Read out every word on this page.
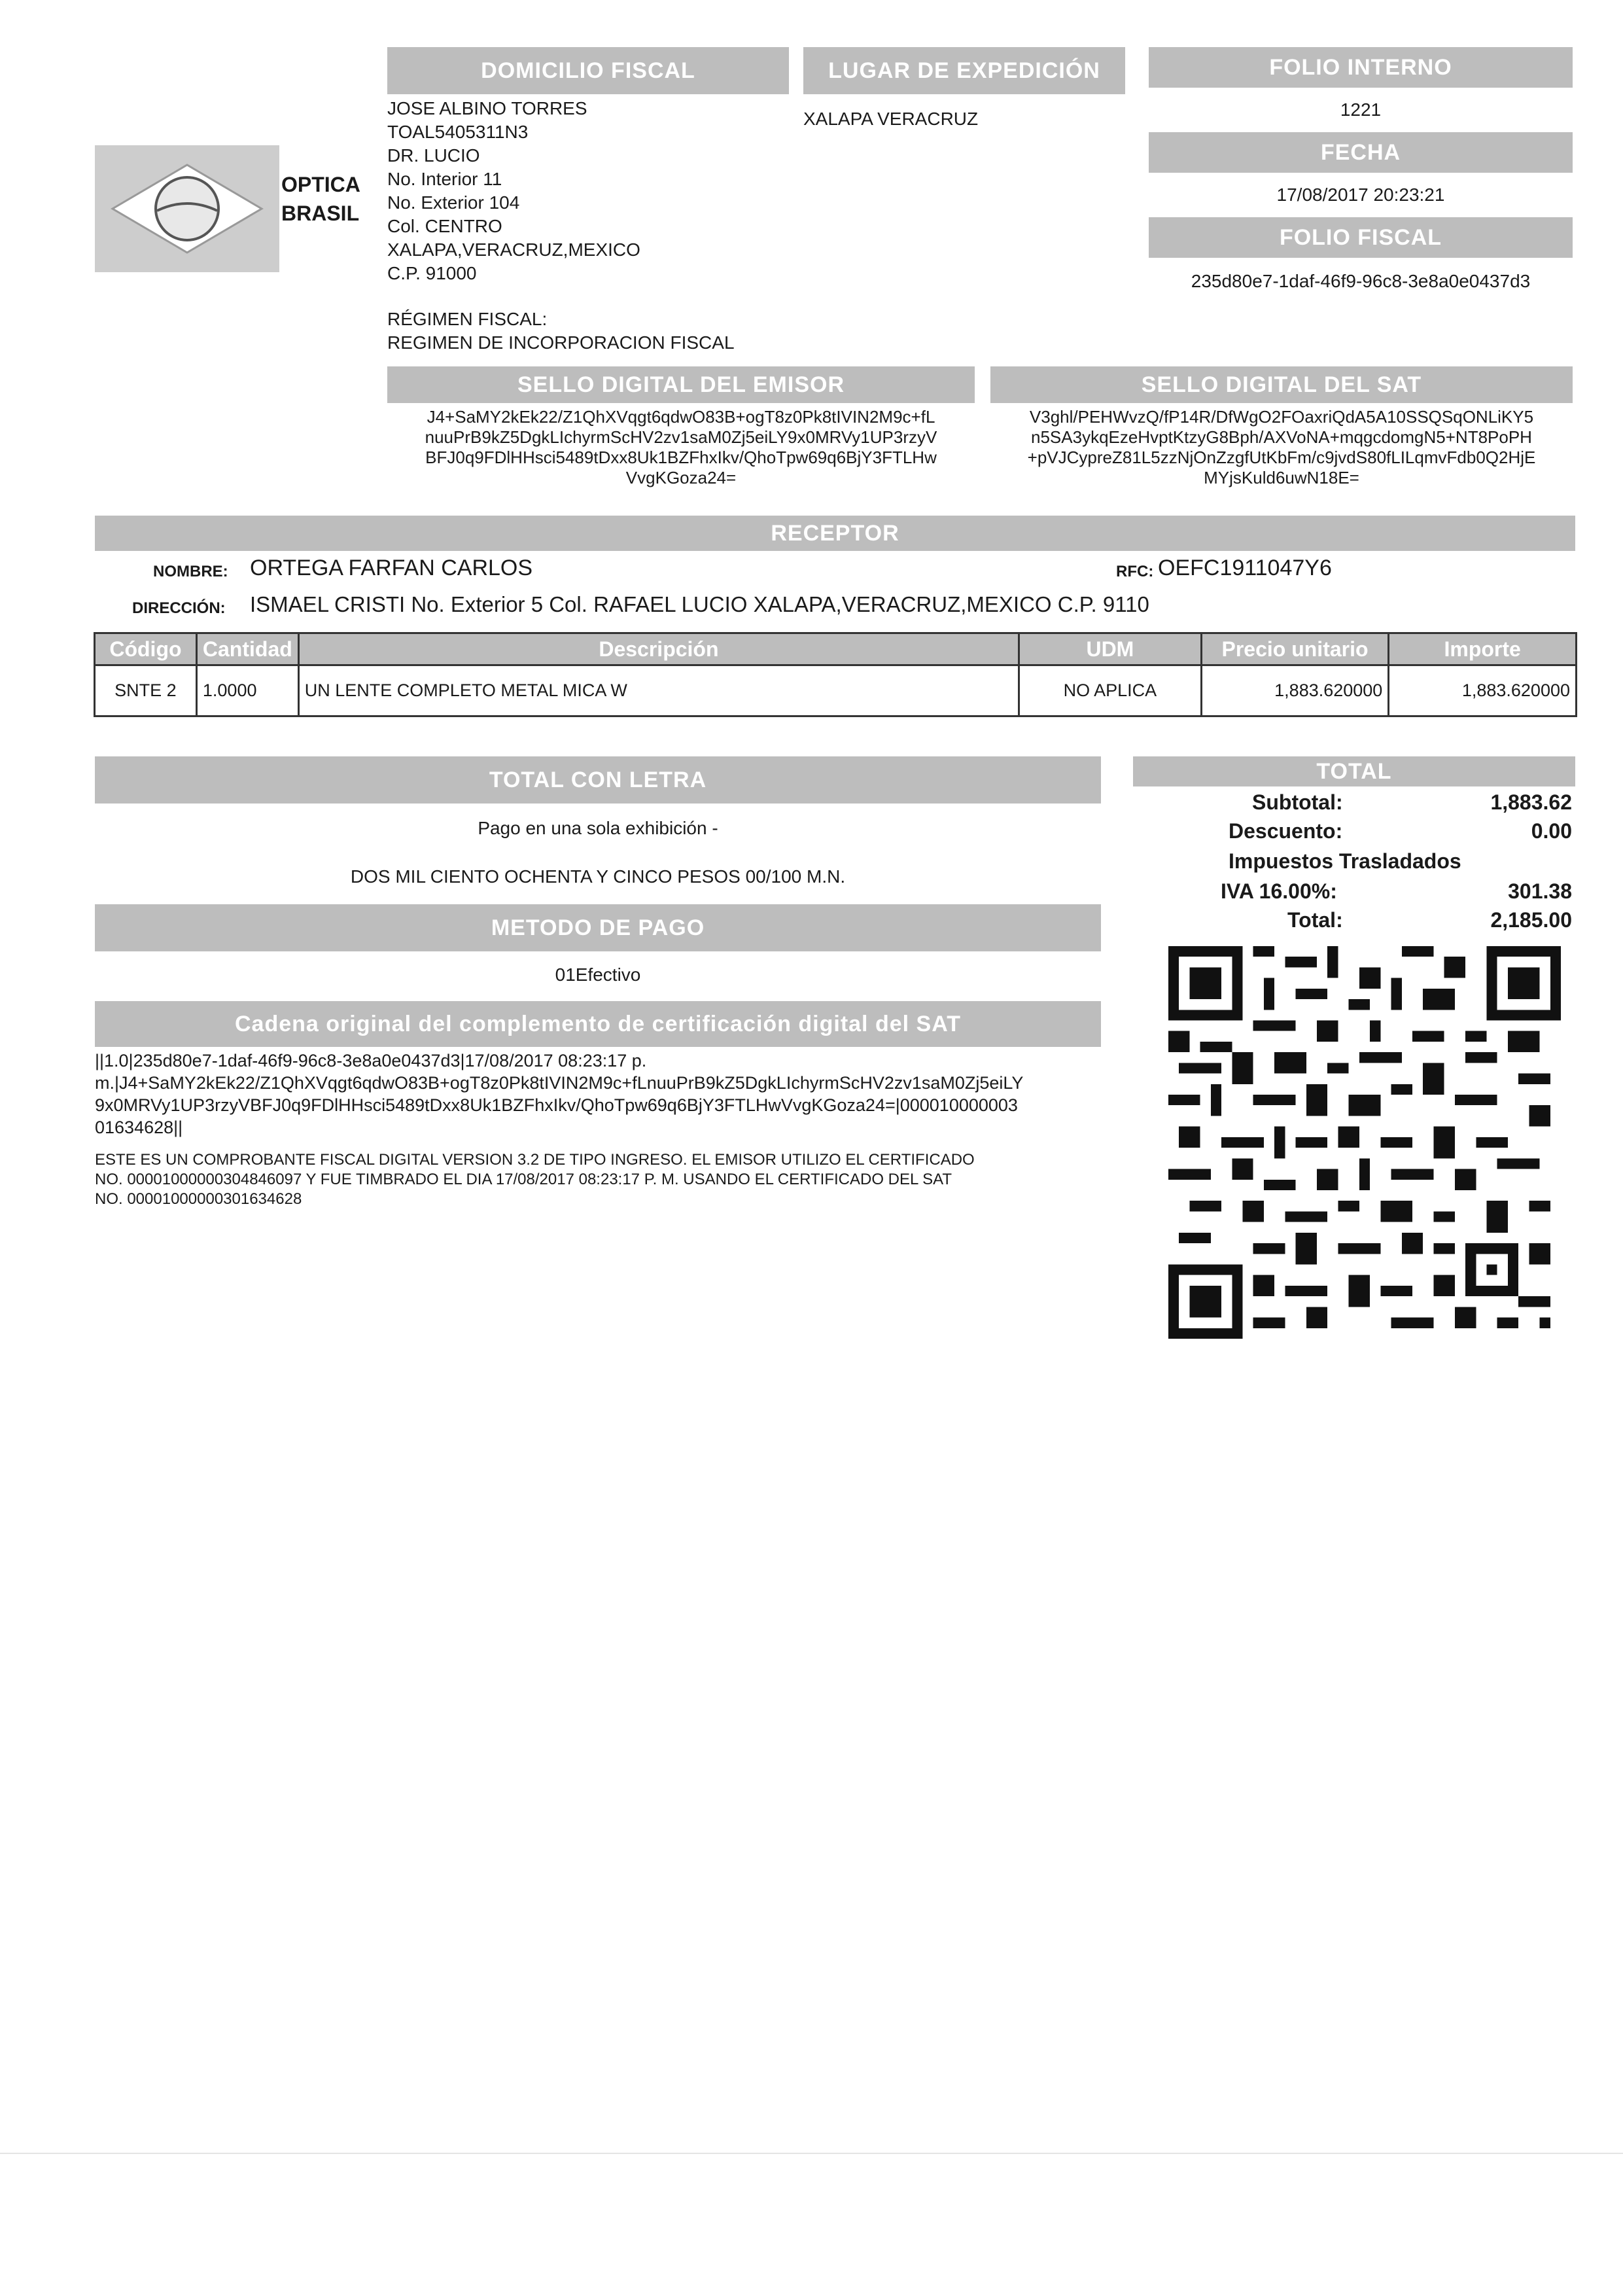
OPTICA
BRASIL
DOMICILIO FISCAL
JOSE ALBINO TORRES
TOAL5405311N3
DR. LUCIO
No. Interior 11
No. Exterior 104
Col. CENTRO
XALAPA,VERACRUZ,MEXICO
C.P. 91000
RÉGIMEN FISCAL:
REGIMEN DE INCORPORACION FISCAL
LUGAR DE EXPEDICIÓN
XALAPA VERACRUZ
FOLIO INTERNO
1221
FECHA
17/08/2017 20:23:21
FOLIO FISCAL
235d80e7-1daf-46f9-96c8-3e8a0e0437d3
SELLO DIGITAL DEL EMISOR
J4+SaMY2kEk22/Z1QhXVqgt6qdwO83B+ogT8z0Pk8tIVIN2M9c+fL
nuuPrB9kZ5DgkLIchyrmScHV2zv1saM0Zj5eiLY9x0MRVy1UP3rzyV
BFJ0q9FDlHHsci5489tDxx8Uk1BZFhxIkv/QhoTpw69q6BjY3FTLHw
VvgKGoza24=
SELLO DIGITAL DEL SAT
V3ghl/PEHWvzQ/fP14R/DfWgO2FOaxriQdA5A10SSQSqONLiKY5
n5SA3ykqEzeHvptKtzyG8Bph/AXVoNA+mqgcdomgN5+NT8PoPH
+pVJCypreZ81L5zzNjOnZzgfUtKbFm/c9jvdS80fLILqmvFdb0Q2HjE
MYjsKuld6uwN18E=
RECEPTOR
NOMBRE: ORTEGA FARFAN CARLOS	RFC: OEFC1911047Y6
DIRECCIÓN: ISMAEL CRISTI No. Exterior 5 Col. RAFAEL LUCIO XALAPA,VERACRUZ,MEXICO C.P. 9110
Código	Cantidad	Descripción	UDM	Precio unitario	Importe
SNTE 2	1.0000	UN LENTE COMPLETO METAL MICA W	NO APLICA	1,883.620000	1,883.620000
TOTAL CON LETRA
Pago en una sola exhibición -
DOS MIL CIENTO OCHENTA Y CINCO PESOS 00/100 M.N.
METODO DE PAGO
01Efectivo
Cadena original del complemento de certificación digital del SAT
||1.0|235d80e7-1daf-46f9-96c8-3e8a0e0437d3|17/08/2017 08:23:17 p.
m.|J4+SaMY2kEk22/Z1QhXVqgt6qdwO83B+ogT8z0Pk8tIVIN2M9c+fLnuuPrB9kZ5DgkLIchyrmScHV2zv1saM0Zj5eiLY
9x0MRVy1UP3rzyVBFJ0q9FDlHHsci5489tDxx8Uk1BZFhxIkv/QhoTpw69q6BjY3FTLHwVvgKGoza24=|000010000003
01634628||
ESTE ES UN COMPROBANTE FISCAL DIGITAL VERSION 3.2 DE TIPO INGRESO. EL EMISOR UTILIZO EL CERTIFICADO
NO. 00001000000304846097 Y FUE TIMBRADO EL DIA 17/08/2017 08:23:17 P. M. USANDO EL CERTIFICADO DEL SAT
NO. 00001000000301634628
TOTAL
Subtotal:	1,883.62
Descuento:	0.00
Impuestos Trasladados
IVA 16.00%:	301.38
Total:	2,185.00
